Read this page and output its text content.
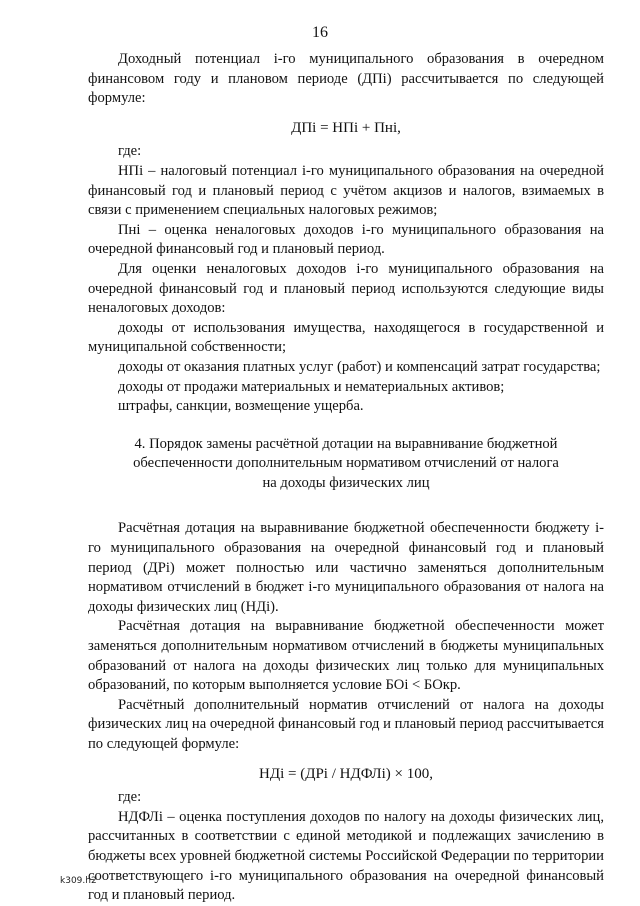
16

Доходный потенциал i-го муниципального образования в очередном финансовом году и плановом периоде (ДПi) рассчитывается по следующей формуле:

ДПi = НПi + Пнi,

где:

НПi – налоговый потенциал i-го муниципального образования на очередной финансовый год и плановый период с учётом акцизов и налогов, взимаемых в связи с применением специальных налоговых режимов;

Пнi – оценка неналоговых доходов i-го муниципального образования на очередной финансовый год и плановый период.

Для оценки неналоговых доходов i-го муниципального образования на очередной финансовый год и плановый период используются следующие виды неналоговых доходов:

доходы от использования имущества, находящегося в государственной и муниципальной собственности;

доходы от оказания платных услуг (работ) и компенсаций затрат государства;

доходы от продажи материальных и нематериальных активов;

штрафы, санкции, возмещение ущерба.

4. Порядок замены расчётной дотации на выравнивание бюджетной обеспеченности дополнительным нормативом отчислений от налога на доходы физических лиц

Расчётная дотация на выравнивание бюджетной обеспеченности бюджету i-го муниципального образования на очередной финансовый год и плановый период (ДРi) может полностью или частично заменяться дополнительным нормативом отчислений в бюджет i-го муниципального образования от налога на доходы физических лиц (НДi).

Расчётная дотация на выравнивание бюджетной обеспеченности может заменяться дополнительным нормативом отчислений в бюджеты муниципальных образований от налога на доходы физических лиц только для муниципальных образований, по которым выполняется условие БОi < БОкр.

Расчётный дополнительный норматив отчислений от налога на доходы физических лиц на очередной финансовый год и плановый период рассчитывается по следующей формуле:

НДi = (ДРi / НДФЛi) × 100,

где:

НДФЛi – оценка поступления доходов по налогу на доходы физических лиц, рассчитанных в соответствии с единой методикой и подлежащих зачислению в бюджеты всех уровней бюджетной системы Российской Федерации по территории соответствующего i-го муниципального образования на очередной финансовый год и плановый период.

k309.h2
